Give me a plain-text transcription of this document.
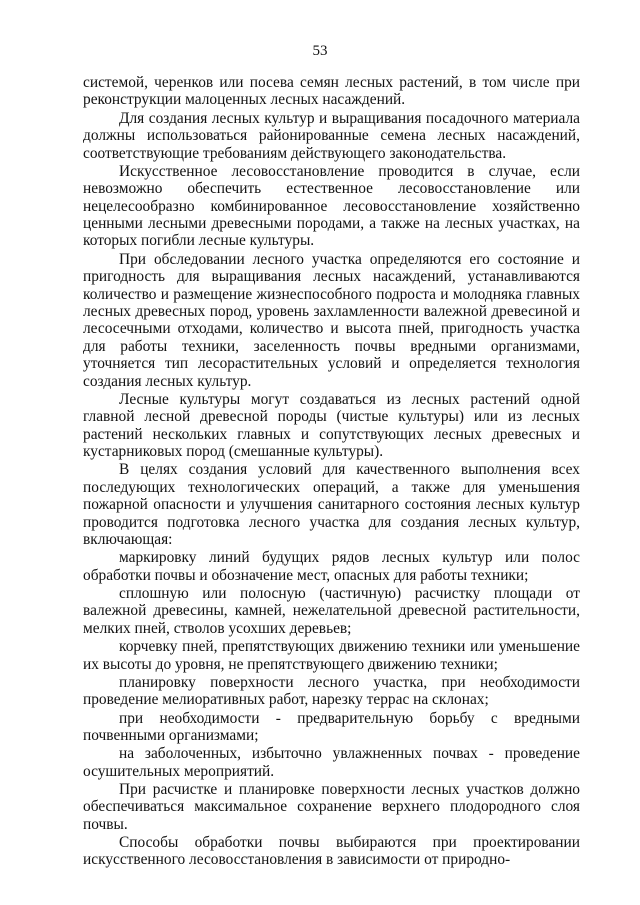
53

системой, черенков или посева семян лесных растений, в том числе при реконструкции малоценных лесных насаждений.

Для создания лесных культур и выращивания посадочного материала должны использоваться районированные семена лесных насаждений, соответствующие требованиям действующего законодательства.

Искусственное лесовосстановление проводится в случае, если невозможно обеспечить естественное лесовосстановление или нецелесообразно комбинированное лесовосстановление хозяйственно ценными лесными древесными породами, а также на лесных участках, на которых погибли лесные культуры.

При обследовании лесного участка определяются его состояние и пригодность для выращивания лесных насаждений, устанавливаются количество и размещение жизнеспособного подроста и молодняка главных лесных древесных пород, уровень захламленности валежной древесиной и лесосечными отходами, количество и высота пней, пригодность участка для работы техники, заселенность почвы вредными организмами, уточняется тип лесорастительных условий и определяется технология создания лесных культур.

Лесные культуры могут создаваться из лесных растений одной главной лесной древесной породы (чистые культуры) или из лесных растений нескольких главных и сопутствующих лесных древесных и кустарниковых пород (смешанные культуры).

В целях создания условий для качественного выполнения всех последующих технологических операций, а также для уменьшения пожарной опасности и улучшения санитарного состояния лесных культур проводится подготовка лесного участка для создания лесных культур, включающая:

маркировку линий будущих рядов лесных культур или полос обработки почвы и обозначение мест, опасных для работы техники;

сплошную или полосную (частичную) расчистку площади от валежной древесины, камней, нежелательной древесной растительности, мелких пней, стволов усохших деревьев;

корчевку пней, препятствующих движению техники или уменьшение их высоты до уровня, не препятствующего движению техники;

планировку поверхности лесного участка, при необходимости проведение мелиоративных работ, нарезку террас на склонах;

при необходимости - предварительную борьбу с вредными почвенными организмами;

на заболоченных, избыточно увлажненных почвах - проведение осушительных мероприятий.

При расчистке и планировке поверхности лесных участков должно обеспечиваться максимальное сохранение верхнего плодородного слоя почвы.

Способы обработки почвы выбираются при проектировании искусственного лесовосстановления в зависимости от природно-
